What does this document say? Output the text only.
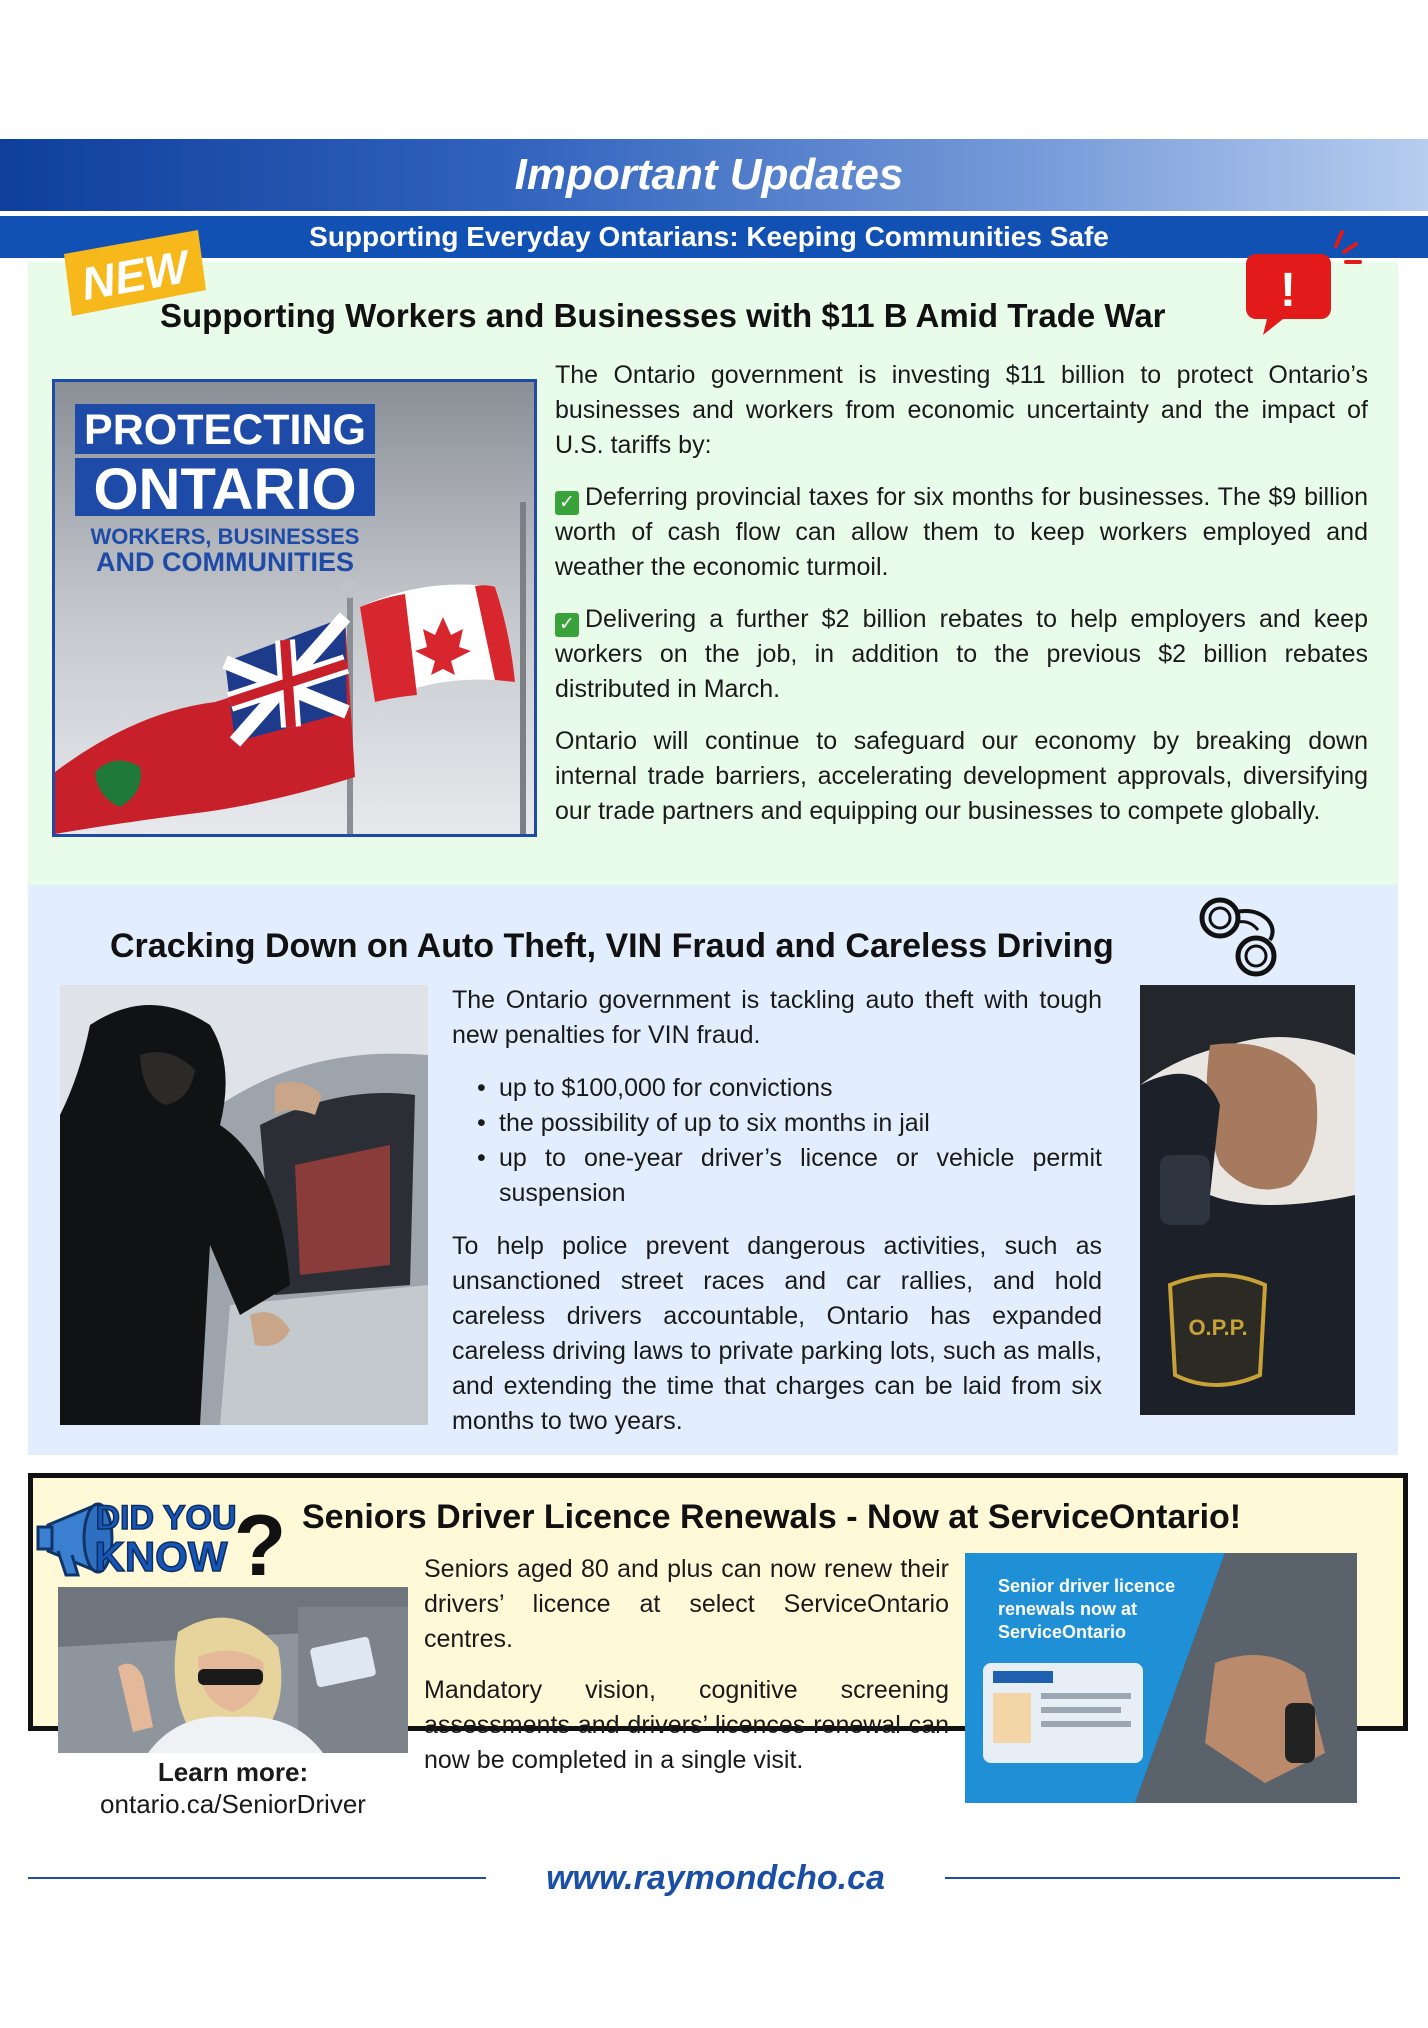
Important Updates
Supporting Everyday Ontarians: Keeping Communities Safe
NEW
Supporting Workers and Businesses with $11 B Amid Trade War	!
PROTECTING
ONTARIO
WORKERS, BUSINESSES
AND COMMUNITIES

The Ontario government is investing $11 billion to protect Ontario’s businesses and workers from economic uncertainty and the impact of U.S. tariffs by:

✓ Deferring provincial taxes for six months for businesses. The $9 billion worth of cash flow can allow them to keep workers employed and weather the economic turmoil.

✓ Delivering a further $2 billion rebates to help employers and keep workers on the job, in addition to the previous $2 billion rebates distributed in March.

Ontario will continue to safeguard our economy by breaking down internal trade barriers, accelerating development approvals, diversifying our trade partners and equipping our businesses to compete globally.

Cracking Down on Auto Theft, VIN Fraud and Careless Driving

The Ontario government is tackling auto theft with tough new penalties for VIN fraud.

• up to $100,000 for convictions
• the possibility of up to six months in jail
• up to one-year driver’s licence or vehicle permit suspension

To help police prevent dangerous activities, such as unsanctioned street races and car rallies, and hold careless drivers accountable, Ontario has expanded careless driving laws to private parking lots, such as malls, and extending the time that charges can be laid from six months to two years.

O.P.P.
DID YOU
KNOW ? Seniors Driver Licence Renewals - Now at ServiceOntario!
Learn more:
ontario.ca/SeniorDriver

Seniors aged 80 and plus can now renew their drivers’ licence at select ServiceOntario centres.

Mandatory vision, cognitive screening assessments and drivers’ licences renewal can now be completed in a single visit.

Senior driver licence renewals now at ServiceOntario
www.raymondcho.ca
